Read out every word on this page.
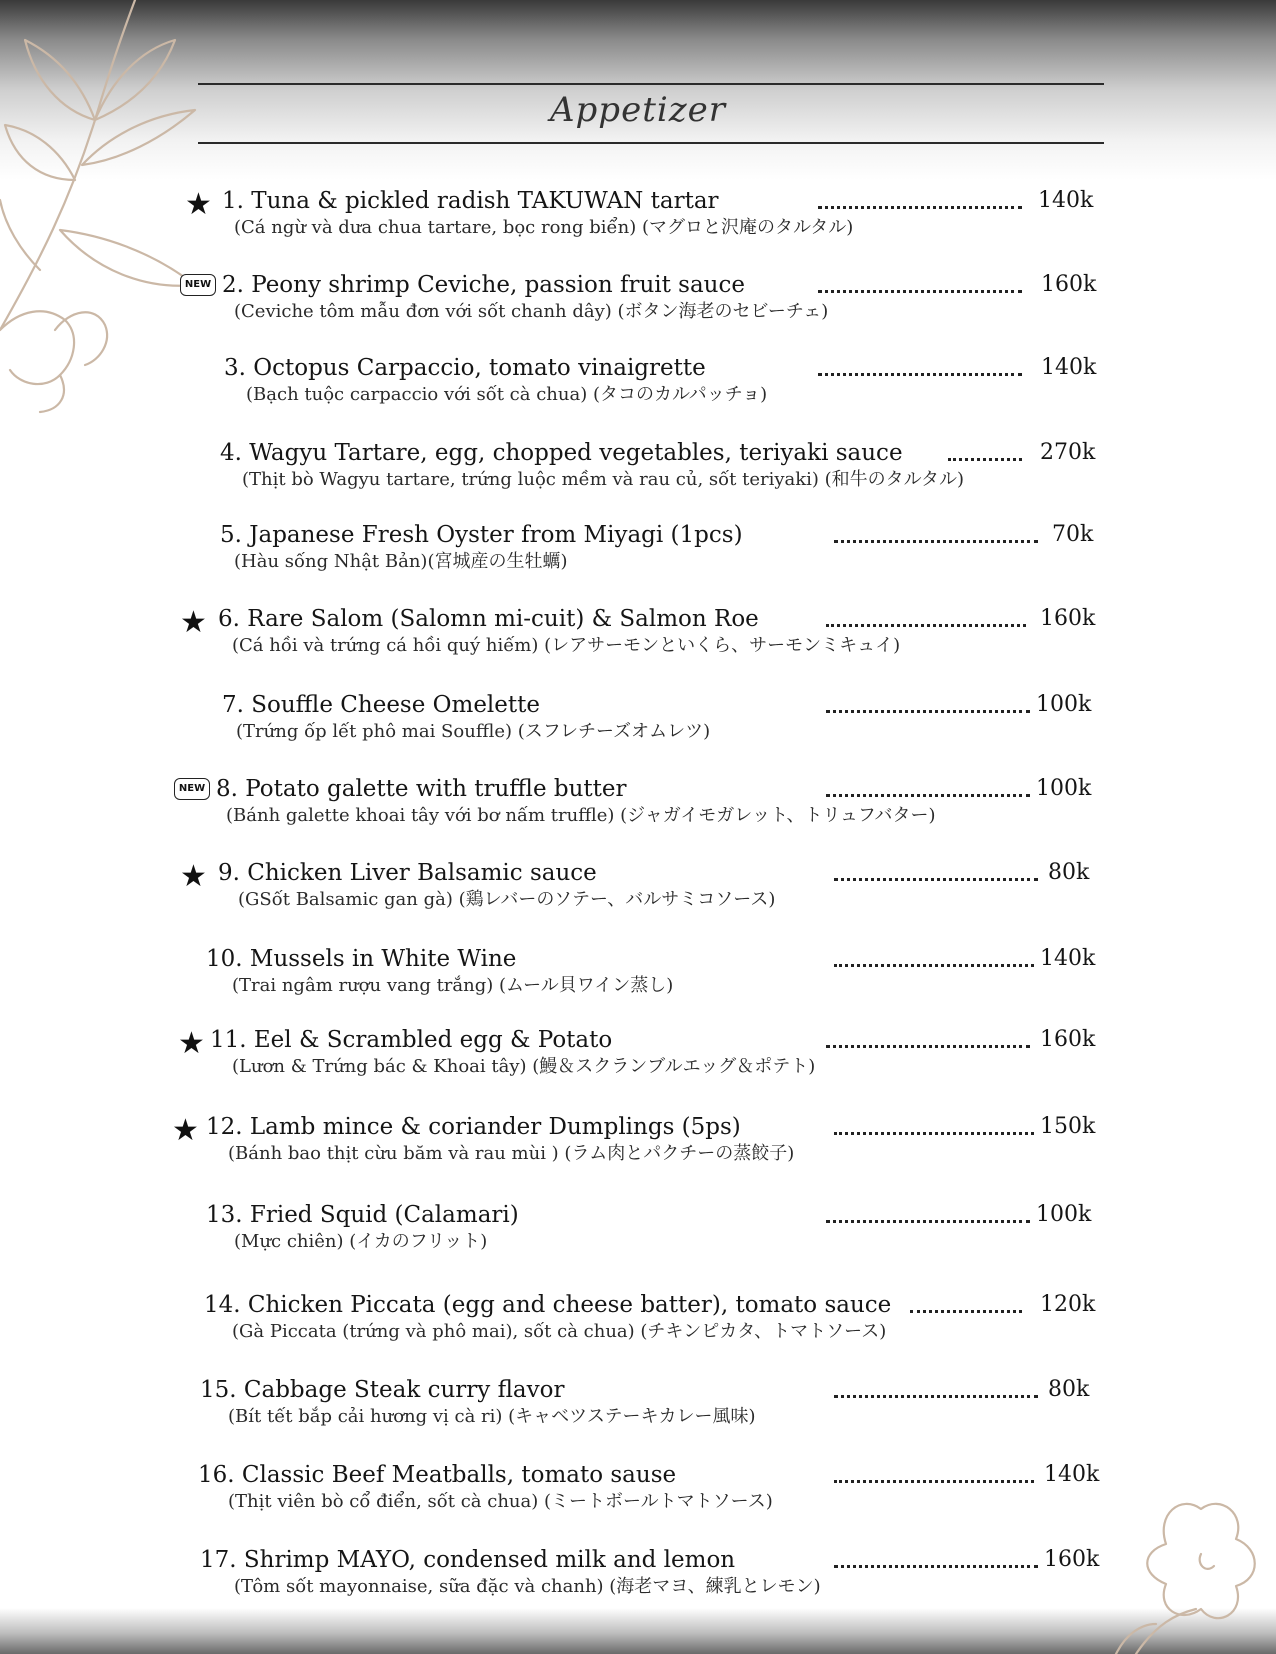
Appetizer
★ 1. Tuna & pickled radish TAKUWAN tartar
(Cá ngừ và dưa chua tartare, bọc rong biển) (マグロと沢庵のタルタル)
140k
NEW 2. Peony shrimp Ceviche, passion fruit sauce
(Ceviche tôm mẫu đơn với sốt chanh dây) (ボタン海老のセビーチェ)
160k
3. Octopus Carpaccio, tomato vinaigrette
(Bạch tuộc carpaccio với sốt cà chua) (タコのカルパッチョ)
140k
4. Wagyu Tartare, egg, chopped vegetables, teriyaki sauce
(Thịt bò Wagyu tartare, trứng luộc mềm và rau củ, sốt teriyaki) (和牛のタルタル)
270k
5. Japanese Fresh Oyster from Miyagi (1pcs)
(Hàu sống Nhật Bản)(宮城産の生牡蠣)
70k
★ 6. Rare Salom (Salomn mi-cuit) & Salmon Roe
(Cá hồi và trứng cá hồi quý hiếm) (レアサーモンといくら、サーモンミキュイ)
160k
7. Souffle Cheese Omelette
(Trứng ốp lết phô mai Souffle) (スフレチーズオムレツ)
100k
NEW 8. Potato galette with truffle butter
(Bánh galette khoai tây với bơ nấm truffle) (ジャガイモガレット、トリュフバター)
100k
★ 9. Chicken Liver Balsamic sauce
(GSốt Balsamic gan gà) (鶏レバーのソテー、バルサミコソース)
80k
10. Mussels in White Wine
(Trai ngâm rượu vang trắng) (ムール貝ワイン蒸し)
140k
★ 11. Eel & Scrambled egg & Potato
(Lươn & Trứng bác & Khoai tây) (鰻＆スクランブルエッグ＆ポテト)
160k
★ 12. Lamb mince & coriander Dumplings (5ps)
(Bánh bao thịt cừu băm và rau mùi ) (ラム肉とパクチーの蒸餃子)
150k
13. Fried Squid (Calamari)
(Mực chiên) (イカのフリット)
100k
14. Chicken Piccata (egg and cheese batter), tomato sauce
(Gà Piccata (trứng và phô mai), sốt cà chua) (チキンピカタ、トマトソース)
120k
15. Cabbage Steak curry flavor
(Bít tết bắp cải hương vị cà ri) (キャベツステーキカレー風味)
80k
16. Classic Beef Meatballs, tomato sause
(Thịt viên bò cổ điển, sốt cà chua) (ミートボールトマトソース)
140k
17. Shrimp MAYO, condensed milk and lemon
(Tôm sốt mayonnaise, sữa đặc và chanh) (海老マヨ、練乳とレモン)
160k
